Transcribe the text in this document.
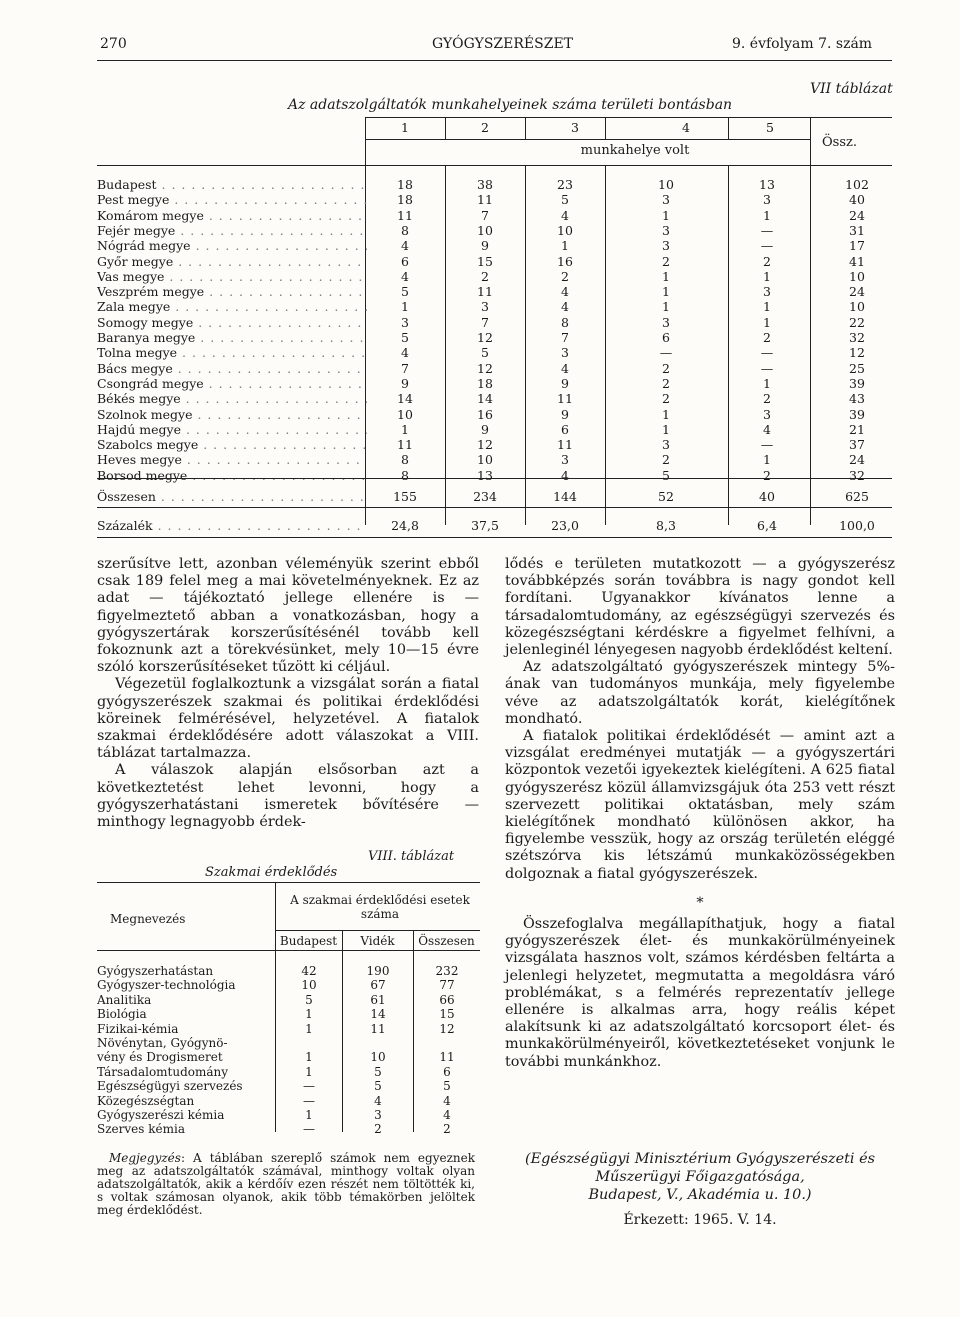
270	GYÓGYSZERÉSZET	9. évfolyam 7. szám
VII táblázat
Az adatszolgáltatók munkahelyeinek száma területi bontásban
1	2	3	4	5
munkahelye volt
Össz.
Budapest . . .	18	38	23	10	13	102
Pest megye . . .	18	11	5	3	3	40
Komárom megye . . .	11	7	4	1	1	24
Fejér megye . . .	8	10	10	3	—	31
Nógrád megye . . .	4	9	1	3	—	17
Győr megye . . .	6	15	16	2	2	41
Vas megye . . .	4	2	2	1	1	10
Veszprém megye . . .	5	11	4	1	3	24
Zala megye . . .	1	3	4	1	1	10
Somogy megye . . .	3	7	8	3	1	22
Baranya megye . . .	5	12	7	6	2	32
Tolna megye . . .	4	5	3	—	—	12
Bács megye . . .	7	12	4	2	—	25
Csongrád megye . . .	9	18	9	2	1	39
Békés megye . . .	14	14	11	2	2	43
Szolnok megye . . .	10	16	9	1	3	39
Hajdú megye . . .	1	9	6	1	4	21
Szabolcs megye . . .	11	12	11	3	—	37
Heves megye . . .	8	10	3	2	1	24
Borsod megye . . .	8	13	4	5	2	32
Összesen . . .	155	234	144	52	40	625
Százalék . . .	24,8	37,5	23,0	8,3	6,4	100,0

szerűsítve lett, azonban véleményük szerint ebből csak 189 felel meg a mai követelményeknek. Ez az adat — tájékoztató jellege ellenére is — figyelmeztető abban a vonatkozásban, hogy a gyógyszertárak korszerűsítésénél tovább kell fokoznunk azt a törekvésünket, mely 10—15 évre szóló korszerűsítéseket tűzött ki céljául.

Végezetül foglalkoztunk a vizsgálat során a fiatal gyógyszerészek szakmai és politikai érdeklődési köreinek felmérésével, helyzetével. A fiatalok szakmai érdeklődésére adott válaszokat a VIII. táblázat tartalmazza.

A válaszok alapján elsősorban azt a következtetést lehet levonni, hogy a gyógyszerhatástani ismeretek bővítésére — minthogy legnagyobb érdek-

VIII. táblázat
Szakmai érdeklődés
Megnevezés
A szakmai érdeklődési esetek száma
Budapest	Vidék	Összesen
Gyógyszerhatástan	42	190	232
Gyógyszer-technológia	10	67	77
Analitika	5	61	66
Biológia	1	14	15
Fizikai-kémia	1	11	12
Növénytan, Gyógynö-
vény és Drogismeret	1	10	11
Társadalomtudomány	1	5	6
Egészségügyi szervezés	—	5	5
Közegészségtan	—	4	4
Gyógyszerészi kémia	1	3	4
Szerves kémia	—	2	2
Megjegyzés: A táblában szereplő számok nem egyeznek meg az adatszolgáltatók számával, minthogy voltak olyan adatszolgáltatók, akik a kérdőív ezen részét nem töltötték ki, s voltak számosan olyanok, akik több témakörben jelöltek meg érdeklődést.

lődés e területen mutatkozott — a gyógyszerész továbbképzés során továbbra is nagy gondot kell fordítani. Ugyanakkor kívánatos lenne a társadalomtudomány, az egészségügyi szervezés és közegészségtani kérdéskre a figyelmet felhívni, a jelenleginél lényegesen nagyobb érdeklődést keltení.

Az adatszolgáltató gyógyszerészek mintegy 5%-ának van tudományos munkája, mely figyelembe véve az adatszolgáltatók korát, kielégítőnek mondható.

A fiatalok politikai érdeklődését — amint azt a vizsgálat eredményei mutatják — a gyógyszertári központok vezetői igyekeztek kielégíteni. A 625 fiatal gyógyszerész közül államvizsgájuk óta 253 vett részt szervezett politikai oktatásban, mely szám kielégítőnek mondható különösen akkor, ha figyelembe vesszük, hogy az ország területén eléggé szétszórva kis létszámú munkaközösségekben dolgoznak a fiatal gyógyszerészek.

*

Összefoglalva megállapíthatjuk, hogy a fiatal gyógyszerészek élet- és munkakörülményeinek vizsgálata hasznos volt, számos kérdésben feltárta a jelenlegi helyzetet, megmutatta a megoldásra váró problémákat, s a felmérés reprezentatív jellege ellenére is alkalmas arra, hogy reális képet alakítsunk ki az adatszolgáltató korcsoport élet- és munkakörülményeiről, következtetéseket vonjunk le további munkánkhoz.

(Egészségügyi Minisztérium Gyógyszerészeti és
Műszerügyi Főigazgatósága,
Budapest, V., Akadémia u. 10.)
Érkezett: 1965. V. 14.
